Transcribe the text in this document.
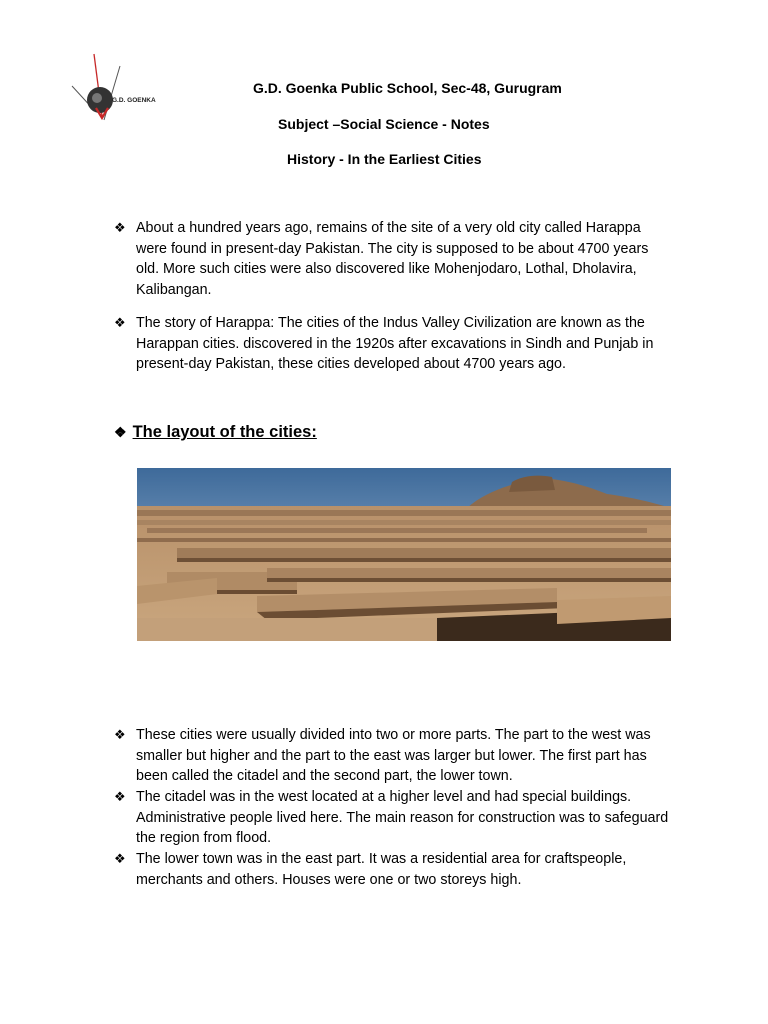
G.D. GOENKA
G.D. Goenka Public School, Sec-48, Gurugram
Subject –Social Science - Notes
History - In the Earliest Cities
❖ About a hundred years ago, remains of the site of a very old city called Harappa were found in present-day Pakistan. The city is supposed to be about 4700 years old. More such cities were also discovered like Mohenjodaro, Lothal, Dholavira, Kalibangan.
❖ The story of Harappa: The cities of the Indus Valley Civilization are known as the Harappan cities. discovered in the 1920s after excavations in Sindh and Punjab in present-day Pakistan, these cities developed about 4700 years ago.
❖ The layout of the cities:
❖ These cities were usually divided into two or more parts. The part to the west was smaller but higher and the part to the east was larger but lower. The first part has been called the citadel and the second part, the lower town.
❖ The citadel was in the west located at a higher level and had special buildings. Administrative people lived here. The main reason for construction was to safeguard the region from flood.
❖ The lower town was in the east part. It was a residential area for craftspeople, merchants and others. Houses were one or two storeys high.
